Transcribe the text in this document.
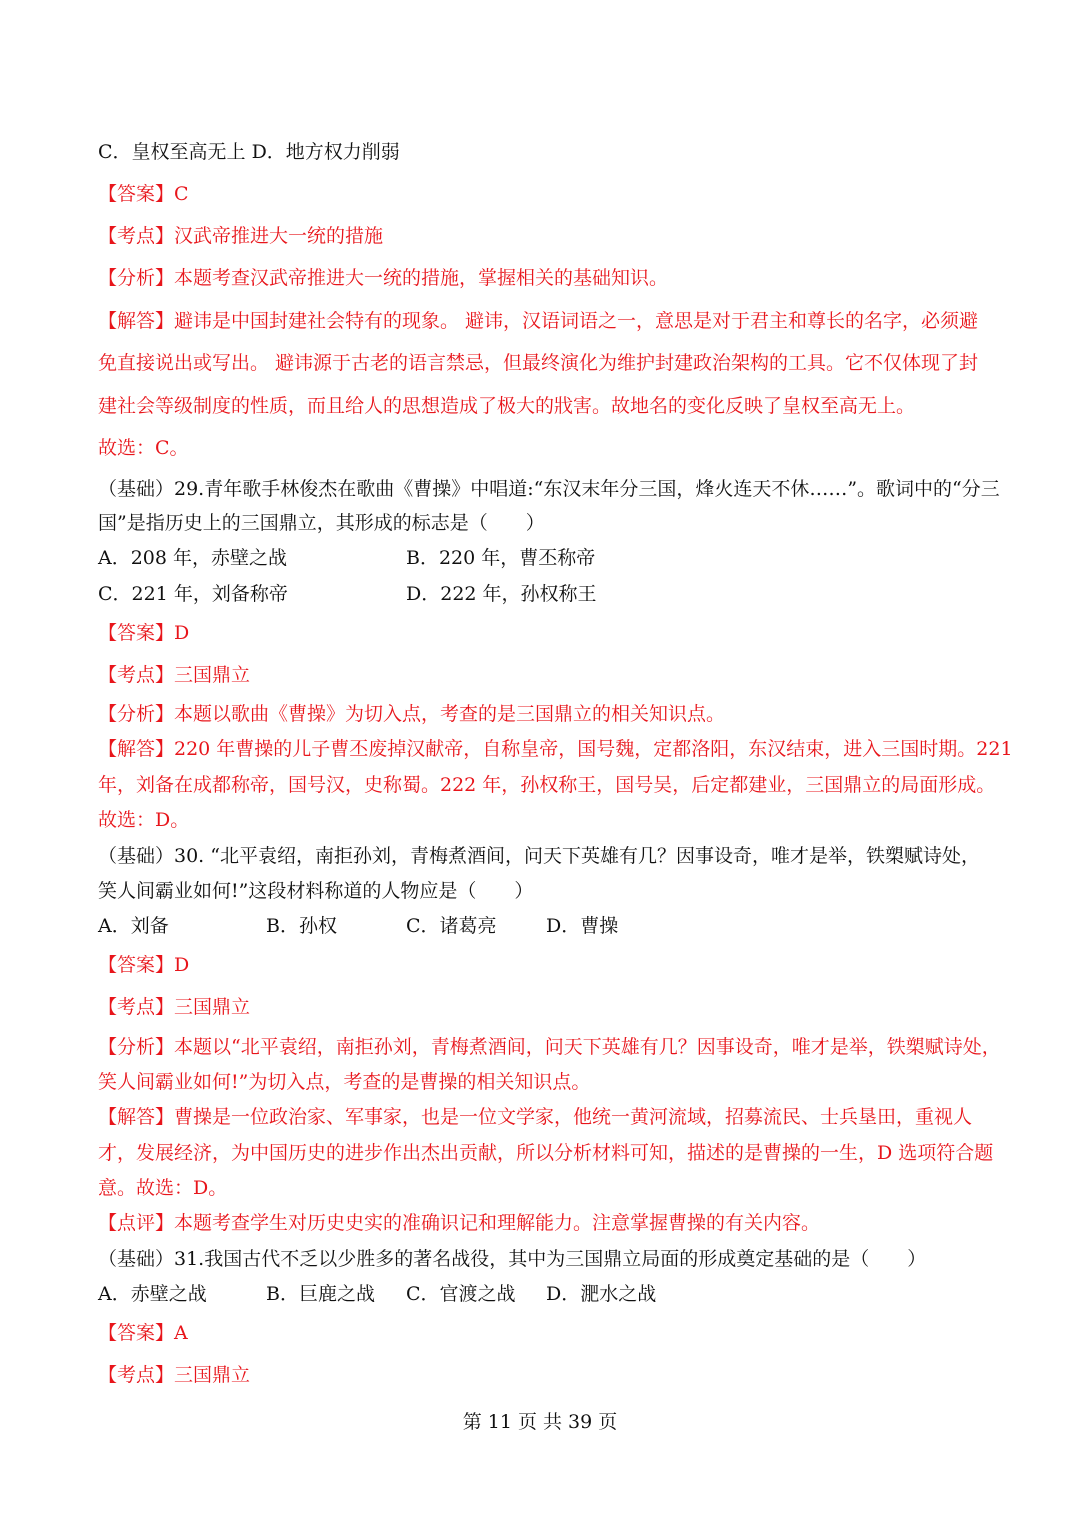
C．皇权至高无上 D．地方权力削弱
【答案】C
【考点】汉武帝推进大一统的措施
【分析】本题考查汉武帝推进大一统的措施，掌握相关的基础知识。
【解答】避讳是中国封建社会特有的现象。 避讳，汉语词语之一，意思是对于君主和尊长的名字，必须避
免直接说出或写出。 避讳源于古老的语言禁忌，但最终演化为维护封建政治架构的工具。它不仅体现了封
建社会等级制度的性质，而且给人的思想造成了极大的戕害。故地名的变化反映了皇权至高无上。
故选：C。
（基础）29.青年歌手林俊杰在歌曲《曹操》中唱道:“东汉末年分三国，烽火连天不休……”。歌词中的“分三
国”是指历史上的三国鼎立，其形成的标志是（　　）
A．208 年，赤壁之战	B．220 年，曹丕称帝
C．221 年，刘备称帝	D．222 年，孙权称王
【答案】D
【考点】三国鼎立
【分析】本题以歌曲《曹操》为切入点，考查的是三国鼎立的相关知识点。
【解答】220 年曹操的儿子曹丕废掉汉献帝，自称皇帝，国号魏，定都洛阳，东汉结束，进入三国时期。221
年，刘备在成都称帝，国号汉，史称蜀。222 年，孙权称王，国号吴，后定都建业，三国鼎立的局面形成。
故选：D。
（基础）30. “北平袁绍，南拒孙刘，青梅煮酒间，问天下英雄有几？因事设奇，唯才是举，铁槊赋诗处，
笑人间霸业如何!”这段材料称道的人物应是（　　）
A．刘备	B．孙权	C．诸葛亮	D．曹操
【答案】D
【考点】三国鼎立
【分析】本题以“北平袁绍，南拒孙刘，青梅煮酒间，问天下英雄有几？因事设奇，唯才是举，铁槊赋诗处，
笑人间霸业如何!”为切入点，考查的是曹操的相关知识点。
【解答】曹操是一位政治家、军事家，也是一位文学家，他统一黄河流域，招募流民、士兵垦田，重视人
才，发展经济，为中国历史的进步作出杰出贡献，所以分析材料可知，描述的是曹操的一生，D 选项符合题
意。故选：D。
【点评】本题考查学生对历史史实的准确识记和理解能力。注意掌握曹操的有关内容。
（基础）31.我国古代不乏以少胜多的著名战役，其中为三国鼎立局面的形成奠定基础的是（　　）
A．赤壁之战	B．巨鹿之战 C．官渡之战 D．淝水之战
【答案】A
【考点】三国鼎立
第 11 页 共 39 页
